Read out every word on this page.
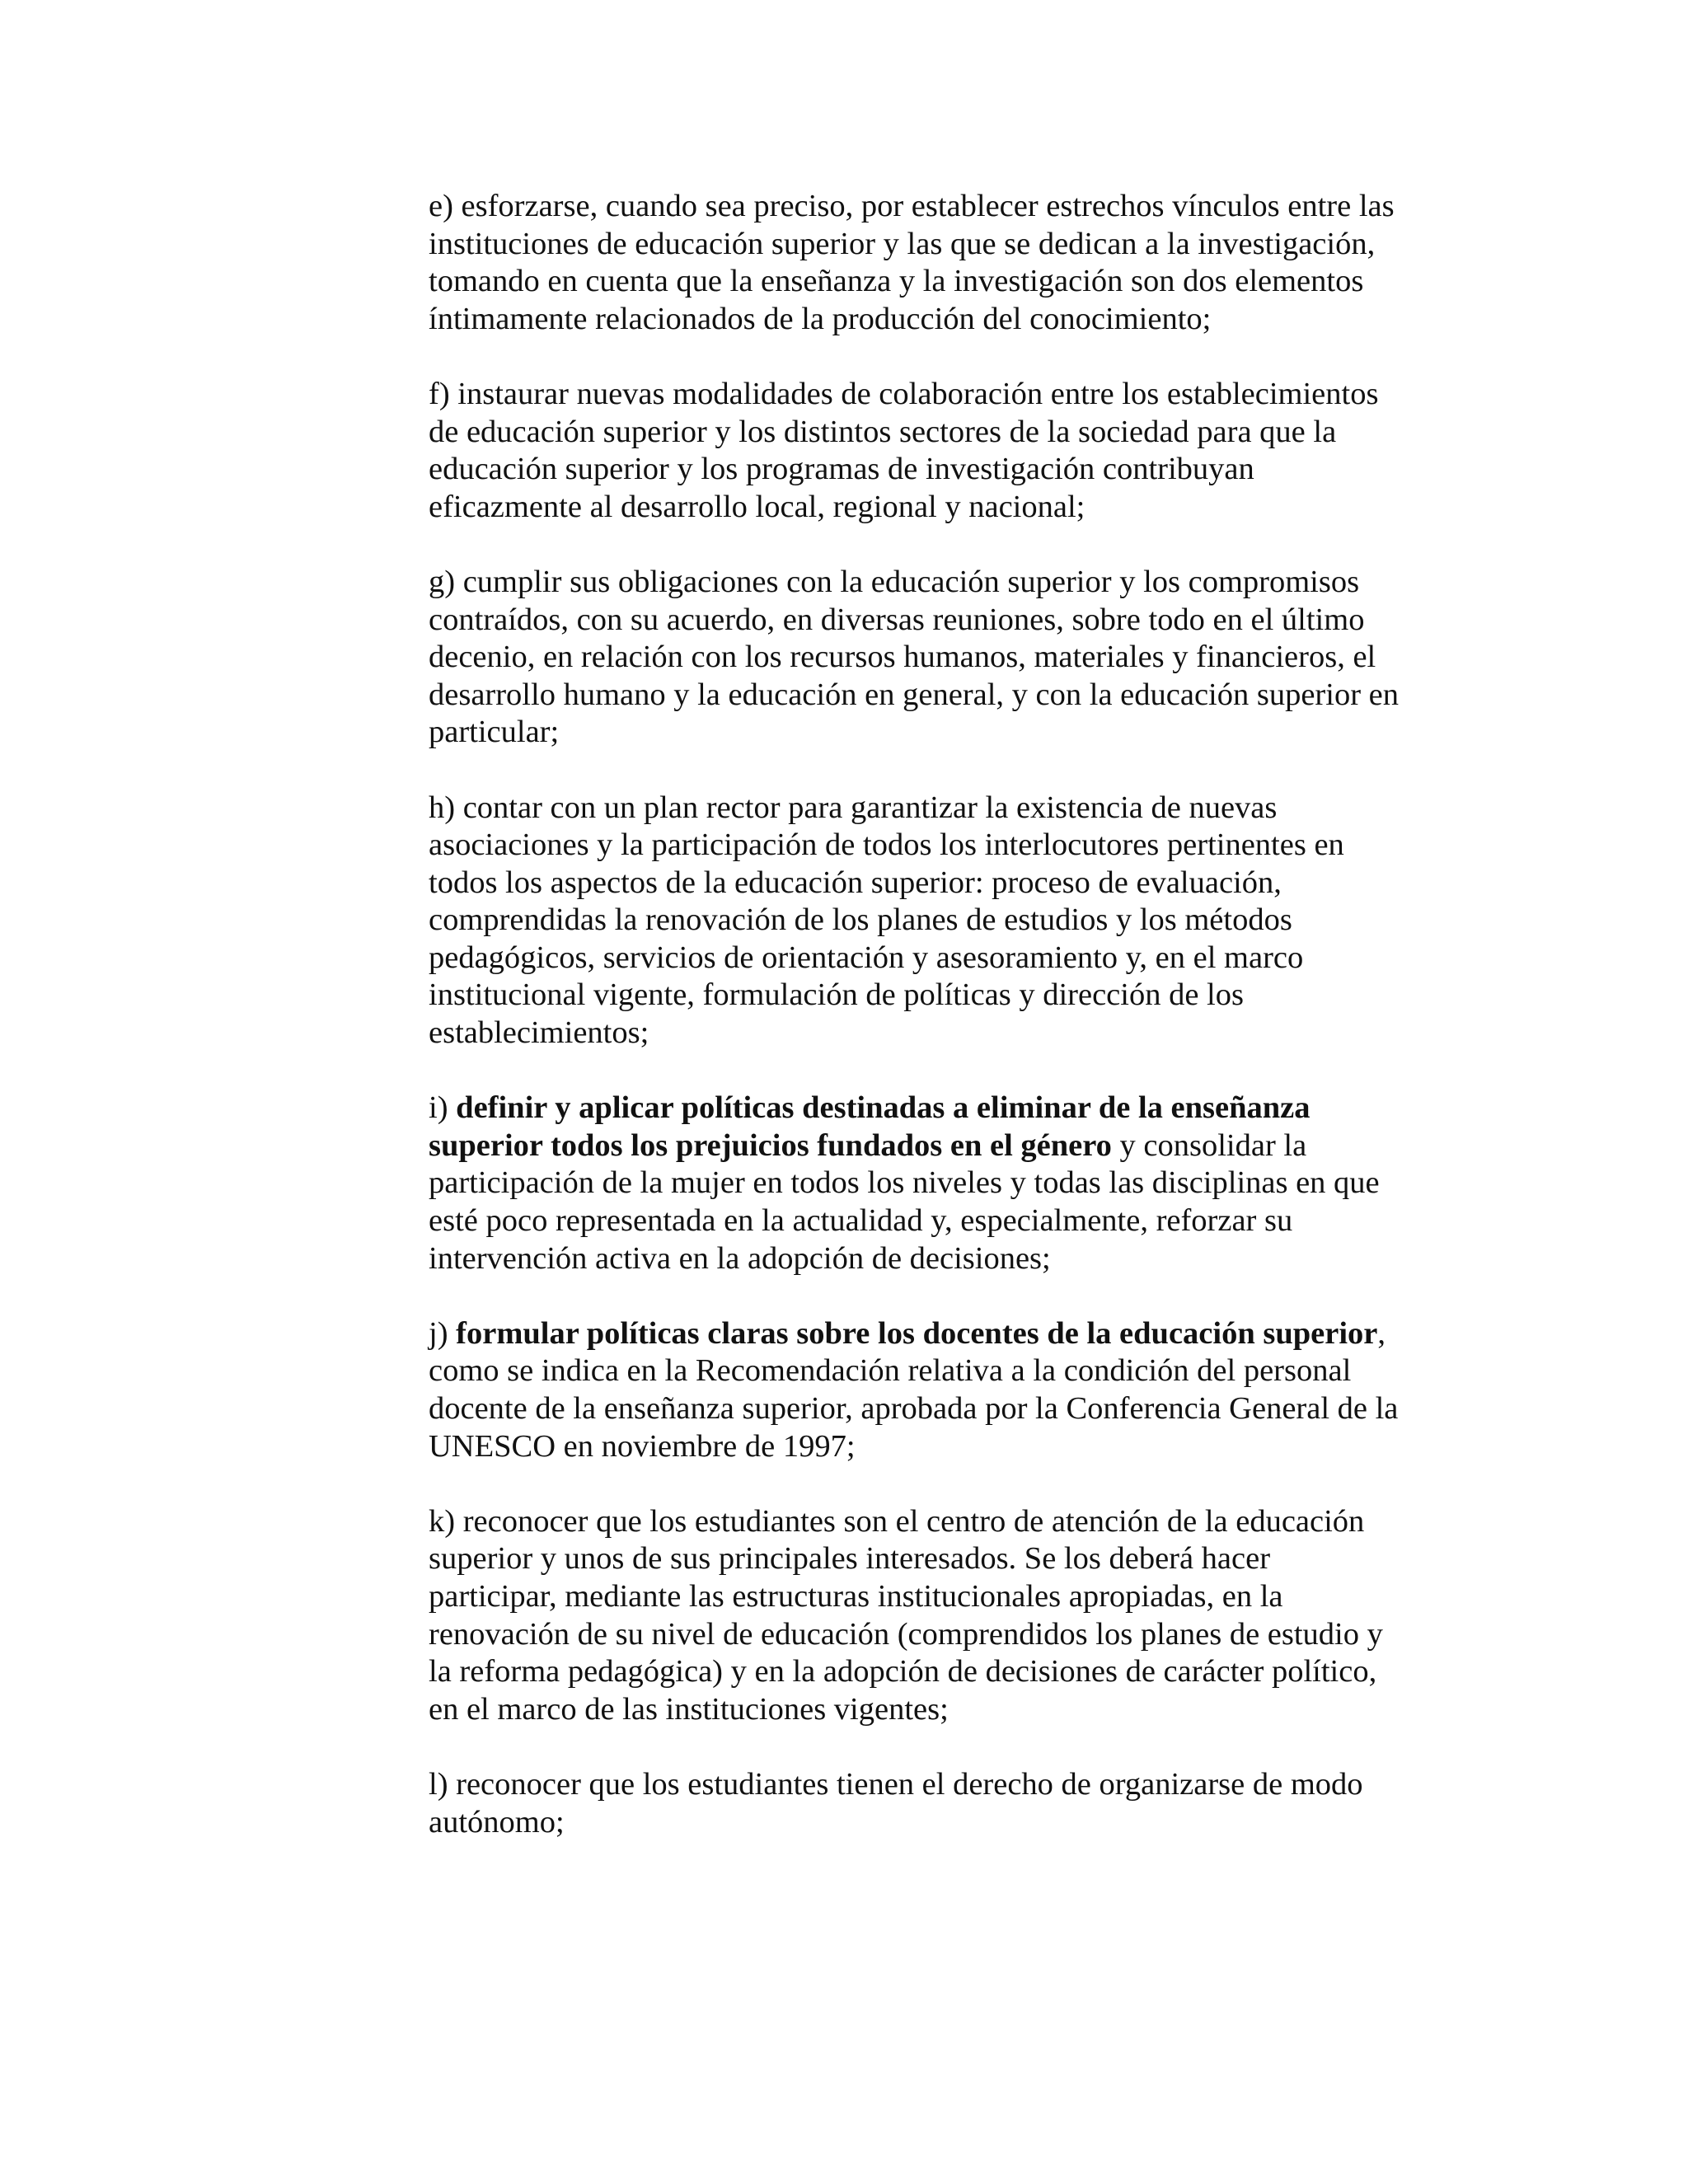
e) esforzarse, cuando sea preciso, por establecer estrechos vínculos entre las
instituciones de educación superior y las que se dedican a la investigación,
tomando en cuenta que la enseñanza y la investigación son dos elementos
íntimamente relacionados de la producción del conocimiento;

f) instaurar nuevas modalidades de colaboración entre los establecimientos
de educación superior y los distintos sectores de la sociedad para que la
educación superior y los programas de investigación contribuyan
eficazmente al desarrollo local, regional y nacional;

g) cumplir sus obligaciones con la educación superior y los compromisos
contraídos, con su acuerdo, en diversas reuniones, sobre todo en el último
decenio, en relación con los recursos humanos, materiales y financieros, el
desarrollo humano y la educación en general, y con la educación superior en
particular;

h) contar con un plan rector para garantizar la existencia de nuevas
asociaciones y la participación de todos los interlocutores pertinentes en
todos los aspectos de la educación superior: proceso de evaluación,
comprendidas la renovación de los planes de estudios y los métodos
pedagógicos, servicios de orientación y asesoramiento y, en el marco
institucional vigente, formulación de políticas y dirección de los
establecimientos;

i) definir y aplicar políticas destinadas a eliminar de la enseñanza
superior todos los prejuicios fundados en el género y consolidar la
participación de la mujer en todos los niveles y todas las disciplinas en que
esté poco representada en la actualidad y, especialmente, reforzar su
intervención activa en la adopción de decisiones;

j) formular políticas claras sobre los docentes de la educación superior,
como se indica en la Recomendación relativa a la condición del personal
docente de la enseñanza superior, aprobada por la Conferencia General de la
UNESCO en noviembre de 1997;

k) reconocer que los estudiantes son el centro de atención de la educación
superior y unos de sus principales interesados. Se los deberá hacer
participar, mediante las estructuras institucionales apropiadas, en la
renovación de su nivel de educación (comprendidos los planes de estudio y
la reforma pedagógica) y en la adopción de decisiones de carácter político,
en el marco de las instituciones vigentes;

l) reconocer que los estudiantes tienen el derecho de organizarse de modo
autónomo;
